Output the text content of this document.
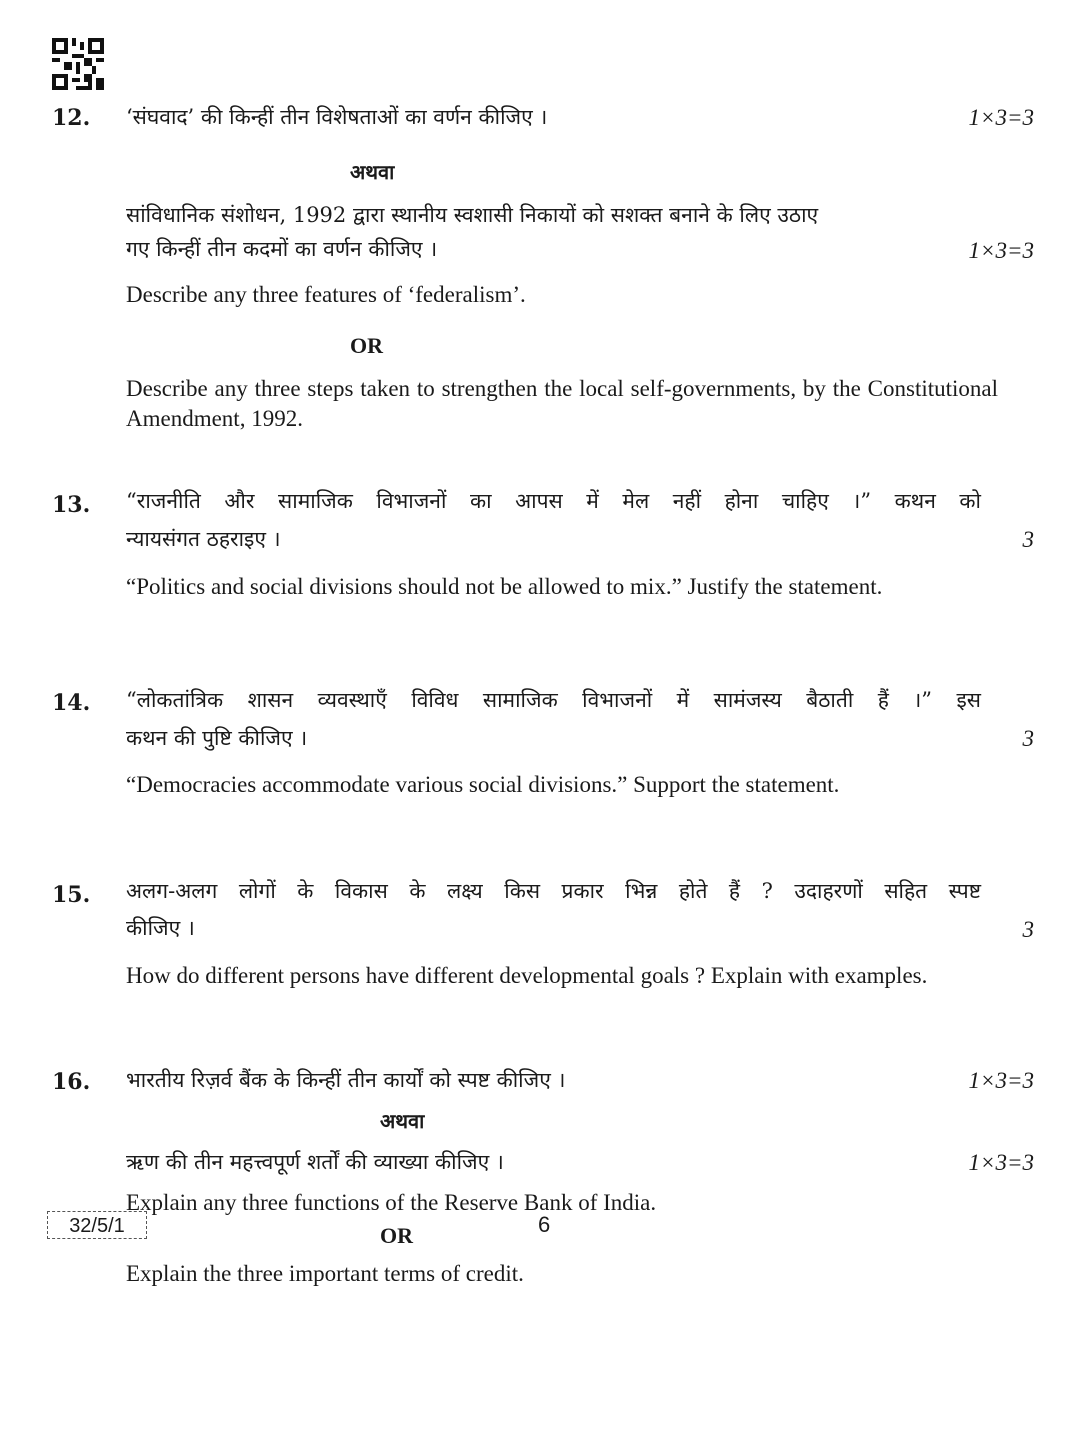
12. ‘संघवाद’ की किन्हीं तीन विशेषताओं का वर्णन कीजिए ।	1×3=3
अथवा
सांविधानिक संशोधन, 1992 द्वारा स्थानीय स्वशासी निकायों को सशक्त बनाने के लिए उठाए
गए किन्हीं तीन कदमों का वर्णन कीजिए ।	1×3=3
Describe any three features of ‘federalism’.
OR
Describe any three steps taken to strengthen the local self-governments, by the Constitutional Amendment, 1992.
13. “राजनीति और सामाजिक विभाजनों का आपस में मेल नहीं होना चाहिए ।” कथन को
न्यायसंगत ठहराइए ।	3
“Politics and social divisions should not be allowed to mix.” Justify the statement.
14. “लोकतांत्रिक शासन व्यवस्थाएँ विविध सामाजिक विभाजनों में सामंजस्य बैठाती हैं ।” इस
कथन की पुष्टि कीजिए ।	3
“Democracies accommodate various social divisions.” Support the statement.
15. अलग-अलग लोगों के विकास के लक्ष्य किस प्रकार भिन्न होते हैं ? उदाहरणों सहित स्पष्ट
कीजिए ।	3
How do different persons have different developmental goals ? Explain with examples.
16. भारतीय रिज़र्व बैंक के किन्हीं तीन कार्यों को स्पष्ट कीजिए ।	1×3=3
अथवा
ऋण की तीन महत्त्वपूर्ण शर्तों की व्याख्या कीजिए ।	1×3=3
Explain any three functions of the Reserve Bank of India.
OR
Explain the three important terms of credit.
32/5/1	6
